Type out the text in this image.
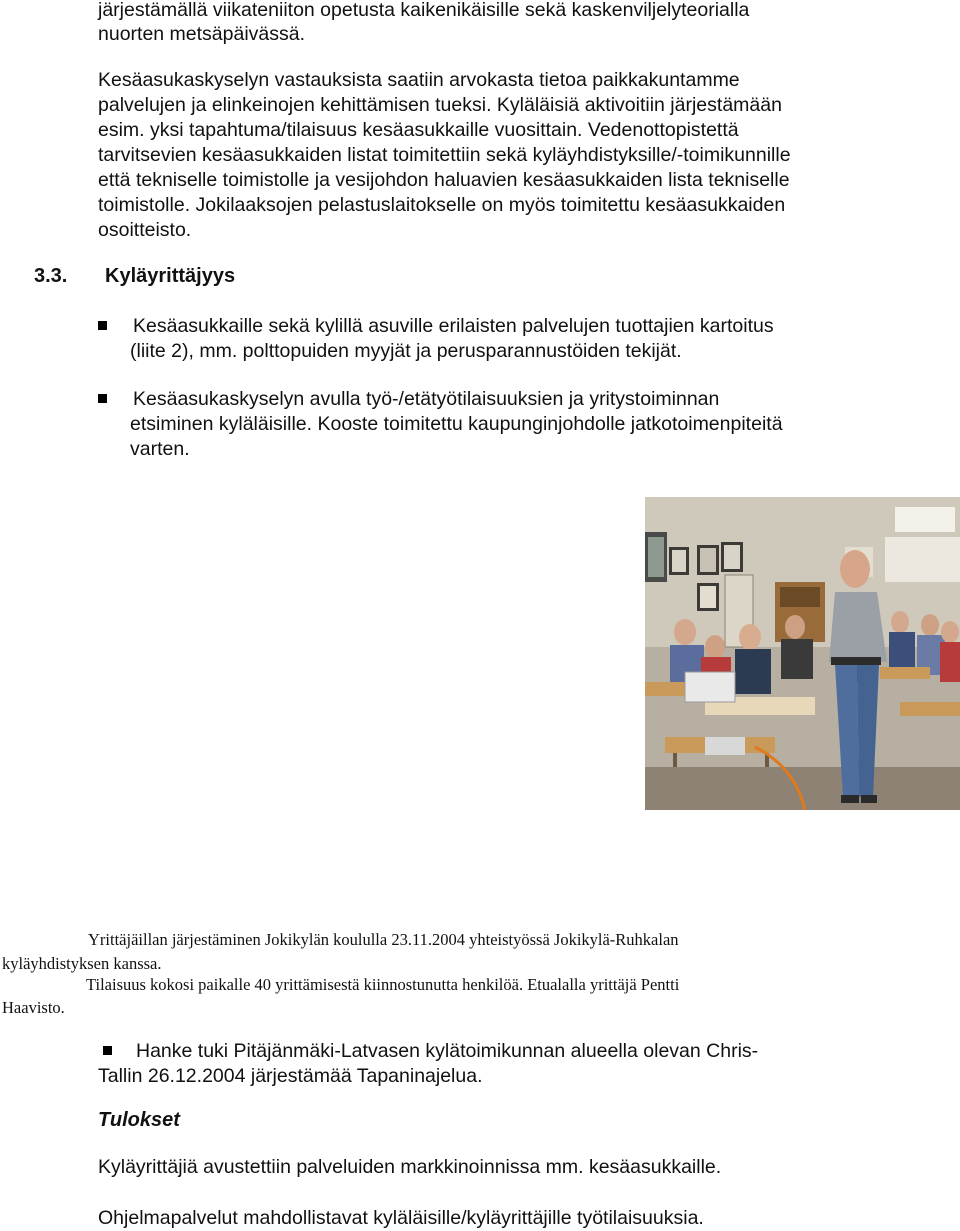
järjestämällä viikateniiton opetusta kaikenikäisille sekä kaskenviljelyteorialla
nuorten metsäpäivässä.
Kesäasukaskyselyn vastauksista saatiin arvokasta tietoa paikkakuntamme
palvelujen ja elinkeinojen kehittämisen tueksi. Kyläläisiä aktivoitiin järjestämään
esim. yksi tapahtuma/tilaisuus kesäasukkaille vuosittain. Vedenottopistettä
tarvitsevien kesäasukkaiden listat toimitettiin sekä kyläyhdistyksille/-toimikunnille
että tekniselle toimistolle ja vesijohdon haluavien kesäasukkaiden lista tekniselle
toimistolle. Jokilaaksojen pelastuslaitokselle on myös toimitettu kesäasukkaiden
osoitteisto.
3.3. Kyläyrittäjyys
Kesäasukkaille sekä kylillä asuville erilaisten palvelujen tuottajien kartoitus
(liite 2), mm. polttopuiden myyjät ja perusparannustöiden tekijät.
Kesäasukaskyselyn avulla työ-/etätyötilaisuuksien ja yritystoiminnan
etsiminen kyläläisille. Kooste toimitettu kaupunginjohdolle jatkotoimenpiteitä
varten.
Yrittäjäillan järjestäminen Jokikylän koululla 23.11.2004 yhteistyössä Jokikylä-Ruhkalan
kyläyhdistyksen kanssa.
Tilaisuus kokosi paikalle 40 yrittämisestä kiinnostunutta henkilöä. Etualalla yrittäjä Pentti
Haavisto.
Hanke tuki Pitäjänmäki-Latvasen kylätoimikunnan alueella olevan Chris-
Tallin 26.12.2004 järjestämää Tapaninajelua.
Tulokset
Kyläyrittäjiä avustettiin palveluiden markkinoinnissa mm. kesäasukkaille.
Ohjelmapalvelut mahdollistavat kyläläisille/kyläyrittäjille työtilaisuuksia.
